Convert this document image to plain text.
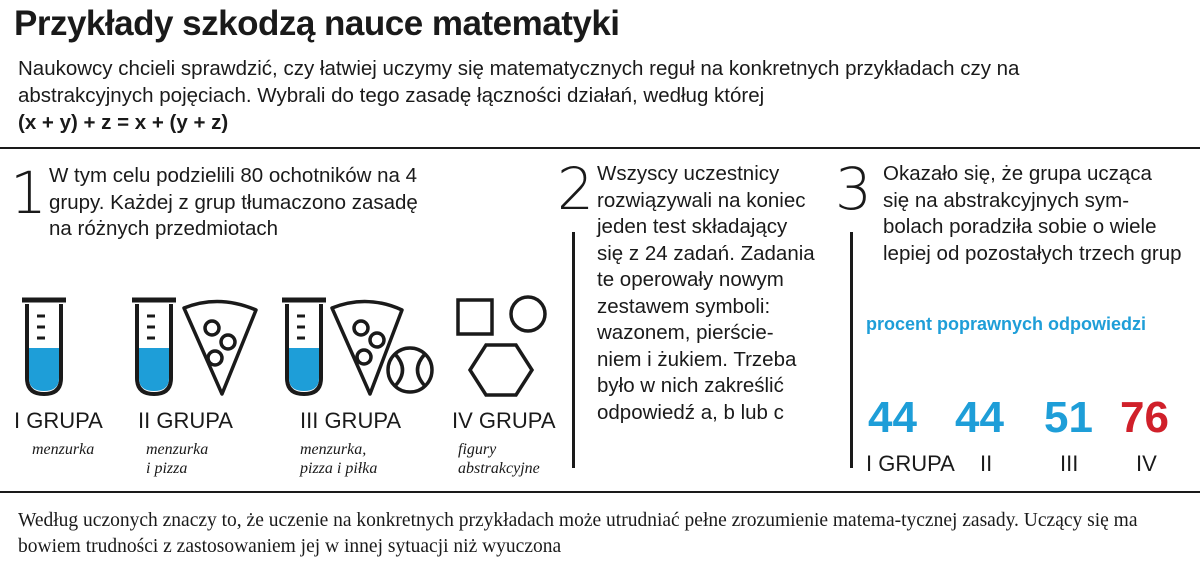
Przykłady szkodzą nauce matematyki
Naukowcy chcieli sprawdzić, czy łatwiej uczymy się matematycznych reguł na konkretnych przykładach czy na abstrakcyjnych pojęciach. Wybrali do tego zasadę łączności działań, według której
(x + y) + z = x + (y + z)
1 W tym celu podzielili 80 ochotników na 4 grupy. Każdej z grup tłumaczono zasadę na różnych przedmiotach
I GRUPA
menzurka
II GRUPA
menzurka
i pizza
III GRUPA
menzurka,
pizza i piłka
IV GRUPA
figury
abstrakcyjne
2 Wszyscy uczestnicy rozwiązywali na koniec jeden test składający się z 24 zadań. Zadania te operowały nowym zestawem symboli: wazonem, pierście-niem i żukiem. Trzeba było w nich zakreślić odpowiedź a, b lub c
3 Okazało się, że grupa ucząca się na abstrakcyjnych sym-bolach poradziła sobie o wiele lepiej od pozostałych trzech grup
procent poprawnych odpowiedzi
44 44 51 76
I GRUPA II	III	IV
Według uczonych znaczy to, że uczenie na konkretnych przykładach może utrudniać pełne zrozumienie matema-tycznej zasady. Uczący się ma bowiem trudności z zastosowaniem jej w innej sytuacji niż wyuczona
